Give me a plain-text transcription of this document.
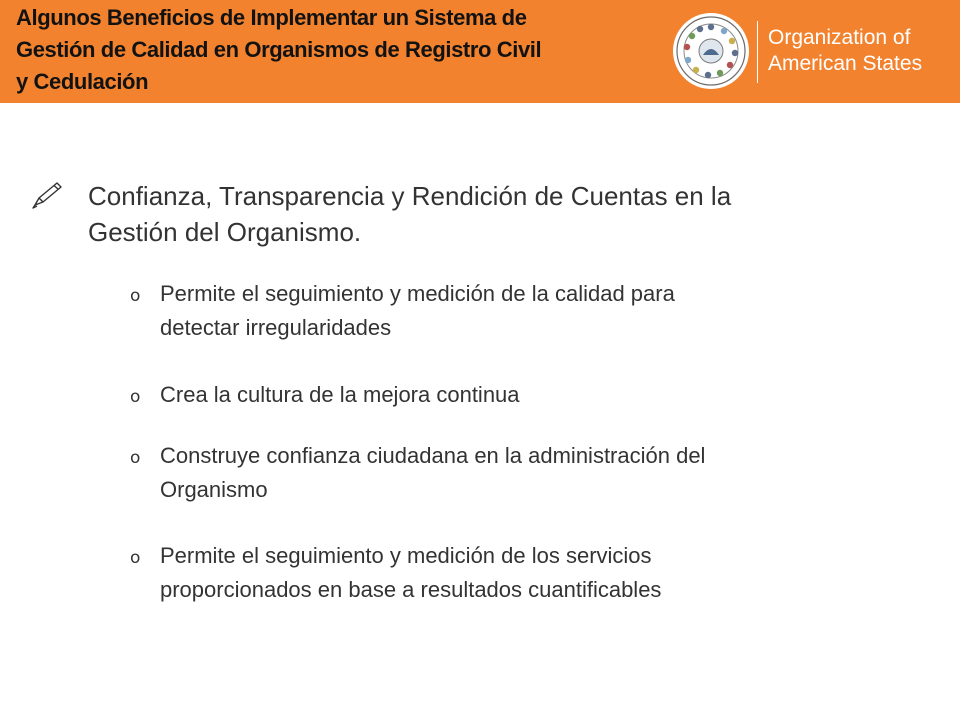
Algunos Beneficios de Implementar un Sistema de
Gestión de Calidad en Organismos de Registro Civil
y Cedulación
Organization of
American States

Confianza, Transparencia y Rendición de Cuentas en la
Gestión del Organismo.

o Permite el seguimiento y medición de la calidad para
detectar irregularidades

o Crea la cultura de la mejora continua

o Construye confianza ciudadana en la administración del
Organismo

o Permite el seguimiento y medición de los servicios
proporcionados en base a resultados cuantificables
